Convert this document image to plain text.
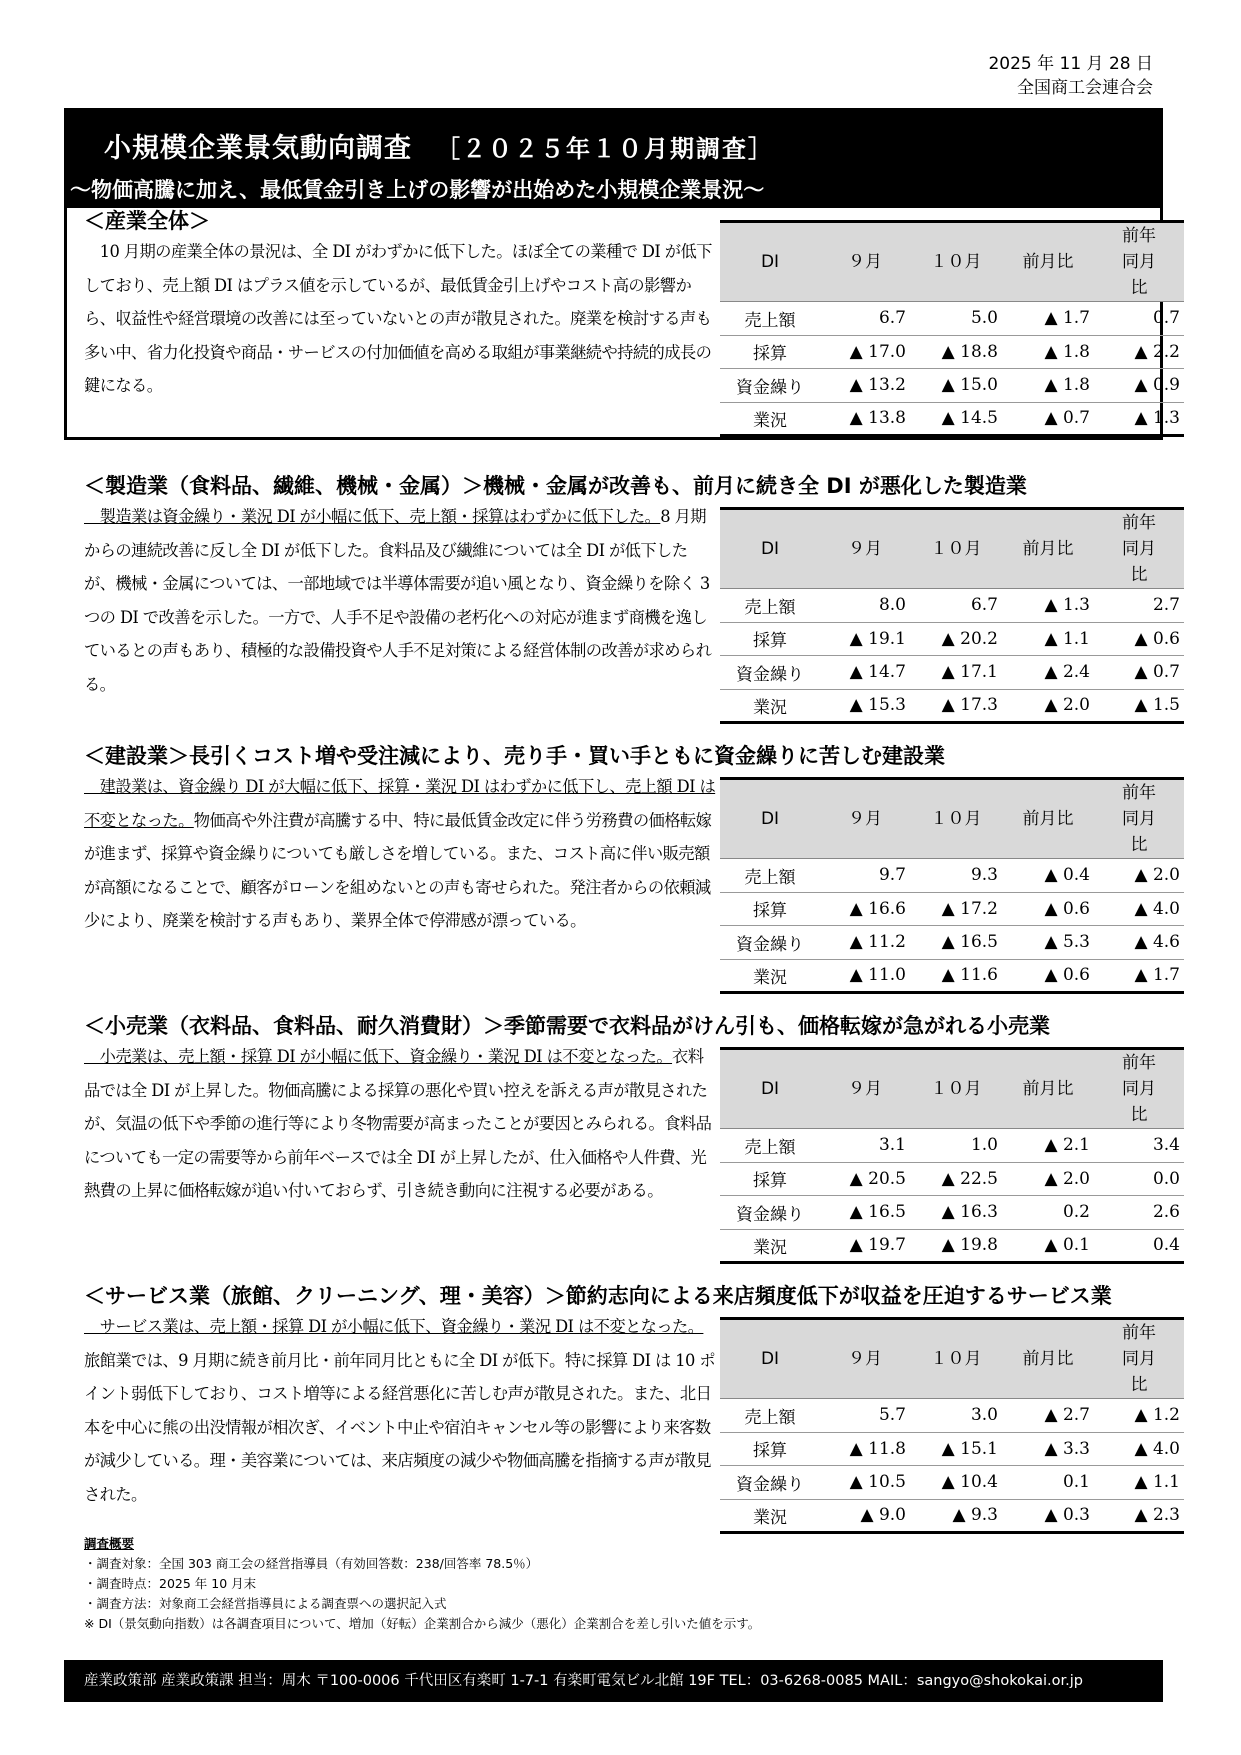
2025 年 11 月 28 日
全国商工会連合会
小規模企業景気動向調査 ［２０２５年１０月期調査］
～物価高騰に加え、最低賃金引き上げの影響が出始めた小規模企業景況～
＜産業全体＞
　10 月期の産業全体の景況は、全 DI がわずかに低下した。ほぼ全ての業種で DI が低下しており、売上額 DI はプラス値を示しているが、最低賃金引上げやコスト高の影響から、収益性や経営環境の改善には至っていないとの声が散見された。廃業を検討する声も多い中、省力化投資や商品・サービスの付加価値を高める取組が事業継続や持続的成長の鍵になる。
DI	９月	１０月	前月比	前年同月比
売上額	6.7	5.0	▲ 1.7	0.7
採算	▲ 17.0	▲ 18.8	▲ 1.8	▲ 2.2
資金繰り	▲ 13.2	▲ 15.0	▲ 1.8	▲ 0.9
業況	▲ 13.8	▲ 14.5	▲ 0.7	▲ 1.3
＜製造業（食料品、繊維、機械・金属）＞機械・金属が改善も、前月に続き全 DI が悪化した製造業
　製造業は資金繰り・業況 DI が小幅に低下、売上額・採算はわずかに低下した。8 月期からの連続改善に反し全 DI が低下した。食料品及び繊維については全 DI が低下したが、機械・金属については、一部地域では半導体需要が追い風となり、資金繰りを除く 3 つの DI で改善を示した。一方で、人手不足や設備の老朽化への対応が進まず商機を逸しているとの声もあり、積極的な設備投資や人手不足対策による経営体制の改善が求められる。
DI	９月	１０月	前月比	前年同月比
売上額	8.0	6.7	▲ 1.3	2.7
採算	▲ 19.1	▲ 20.2	▲ 1.1	▲ 0.6
資金繰り	▲ 14.7	▲ 17.1	▲ 2.4	▲ 0.7
業況	▲ 15.3	▲ 17.3	▲ 2.0	▲ 1.5
＜建設業＞長引くコスト増や受注減により、売り手・買い手ともに資金繰りに苦しむ建設業
　建設業は、資金繰り DI が大幅に低下、採算・業況 DI はわずかに低下し、売上額 DI は不変となった。物価高や外注費が高騰する中、特に最低賃金改定に伴う労務費の価格転嫁が進まず、採算や資金繰りについても厳しさを増している。また、コスト高に伴い販売額が高額になることで、顧客がローンを組めないとの声も寄せられた。発注者からの依頼減少により、廃業を検討する声もあり、業界全体で停滞感が漂っている。
DI	９月	１０月	前月比	前年同月比
売上額	9.7	9.3	▲ 0.4	▲ 2.0
採算	▲ 16.6	▲ 17.2	▲ 0.6	▲ 4.0
資金繰り	▲ 11.2	▲ 16.5	▲ 5.3	▲ 4.6
業況	▲ 11.0	▲ 11.6	▲ 0.6	▲ 1.7
＜小売業（衣料品、食料品、耐久消費財）＞季節需要で衣料品がけん引も、価格転嫁が急がれる小売業
　小売業は、売上額・採算 DI が小幅に低下、資金繰り・業況 DI は不変となった。衣料品では全 DI が上昇した。物価高騰による採算の悪化や買い控えを訴える声が散見されたが、気温の低下や季節の進行等により冬物需要が高まったことが要因とみられる。食料品についても一定の需要等から前年ベースでは全 DI が上昇したが、仕入価格や人件費、光熱費の上昇に価格転嫁が追い付いておらず、引き続き動向に注視する必要がある。
DI	９月	１０月	前月比	前年同月比
売上額	3.1	1.0	▲ 2.1	3.4
採算	▲ 20.5	▲ 22.5	▲ 2.0	0.0
資金繰り	▲ 16.5	▲ 16.3	0.2	2.6
業況	▲ 19.7	▲ 19.8	▲ 0.1	0.4
＜サービス業（旅館、クリーニング、理・美容）＞節約志向による来店頻度低下が収益を圧迫するサービス業
　サービス業は、売上額・採算 DI が小幅に低下、資金繰り・業況 DI は不変となった。旅館業では、9 月期に続き前月比・前年同月比ともに全 DI が低下。特に採算 DI は 10 ポイント弱低下しており、コスト増等による経営悪化に苦しむ声が散見された。また、北日本を中心に熊の出没情報が相次ぎ、イベント中止や宿泊キャンセル等の影響により来客数が減少している。理・美容業については、来店頻度の減少や物価高騰を指摘する声が散見された。
DI	９月	１０月	前月比	前年同月比
売上額	5.7	3.0	▲ 2.7	▲ 1.2
採算	▲ 11.8	▲ 15.1	▲ 3.3	▲ 4.0
資金繰り	▲ 10.5	▲ 10.4	0.1	▲ 1.1
業況	▲ 9.0	▲ 9.3	▲ 0.3	▲ 2.3
調査概要
・調査対象：全国 303 商工会の経営指導員（有効回答数：238/回答率 78.5％）
・調査時点：2025 年 10 月末
・調査方法：対象商工会経営指導員による調査票への選択記入式
※ DI（景気動向指数）は各調査項目について、増加（好転）企業割合から減少（悪化）企業割合を差し引いた値を示す。
産業政策部 産業政策課 担当：周木 〒100-0006 千代田区有楽町 1-7-1 有楽町電気ビル北館 19F TEL：03-6268-0085 MAIL：sangyo@shokokai.or.jp
